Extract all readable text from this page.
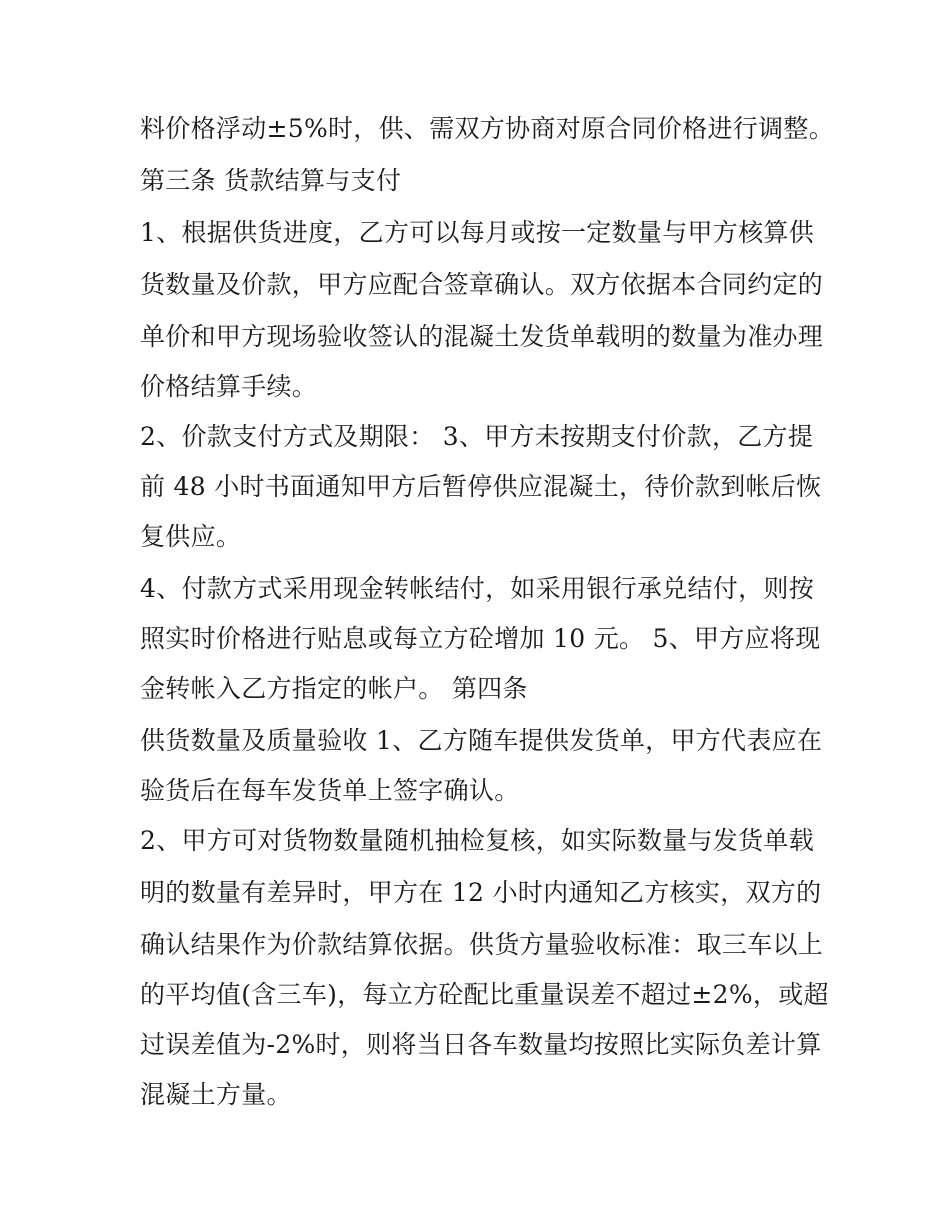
料价格浮动±5%时，供、需双方协商对原合同价格进行调整。
第三条 货款结算与支付
1、根据供货进度，乙方可以每月或按一定数量与甲方核算供
货数量及价款，甲方应配合签章确认。双方依据本合同约定的
单价和甲方现场验收签认的混凝土发货单载明的数量为准办理
价格结算手续。
2、价款支付方式及期限： 3、甲方未按期支付价款，乙方提
前 48 小时书面通知甲方后暂停供应混凝土，待价款到帐后恢
复供应。
4、付款方式采用现金转帐结付，如采用银行承兑结付，则按
照实时价格进行贴息或每立方砼增加 10 元。 5、甲方应将现
金转帐入乙方指定的帐户。 第四条
供货数量及质量验收 1、乙方随车提供发货单，甲方代表应在
验货后在每车发货单上签字确认。
2、甲方可对货物数量随机抽检复核，如实际数量与发货单载
明的数量有差异时，甲方在 12 小时内通知乙方核实，双方的
确认结果作为价款结算依据。供货方量验收标准：取三车以上
的平均值(含三车)，每立方砼配比重量误差不超过±2%，或超
过误差值为-2%时，则将当日各车数量均按照比实际负差计算
混凝土方量。
